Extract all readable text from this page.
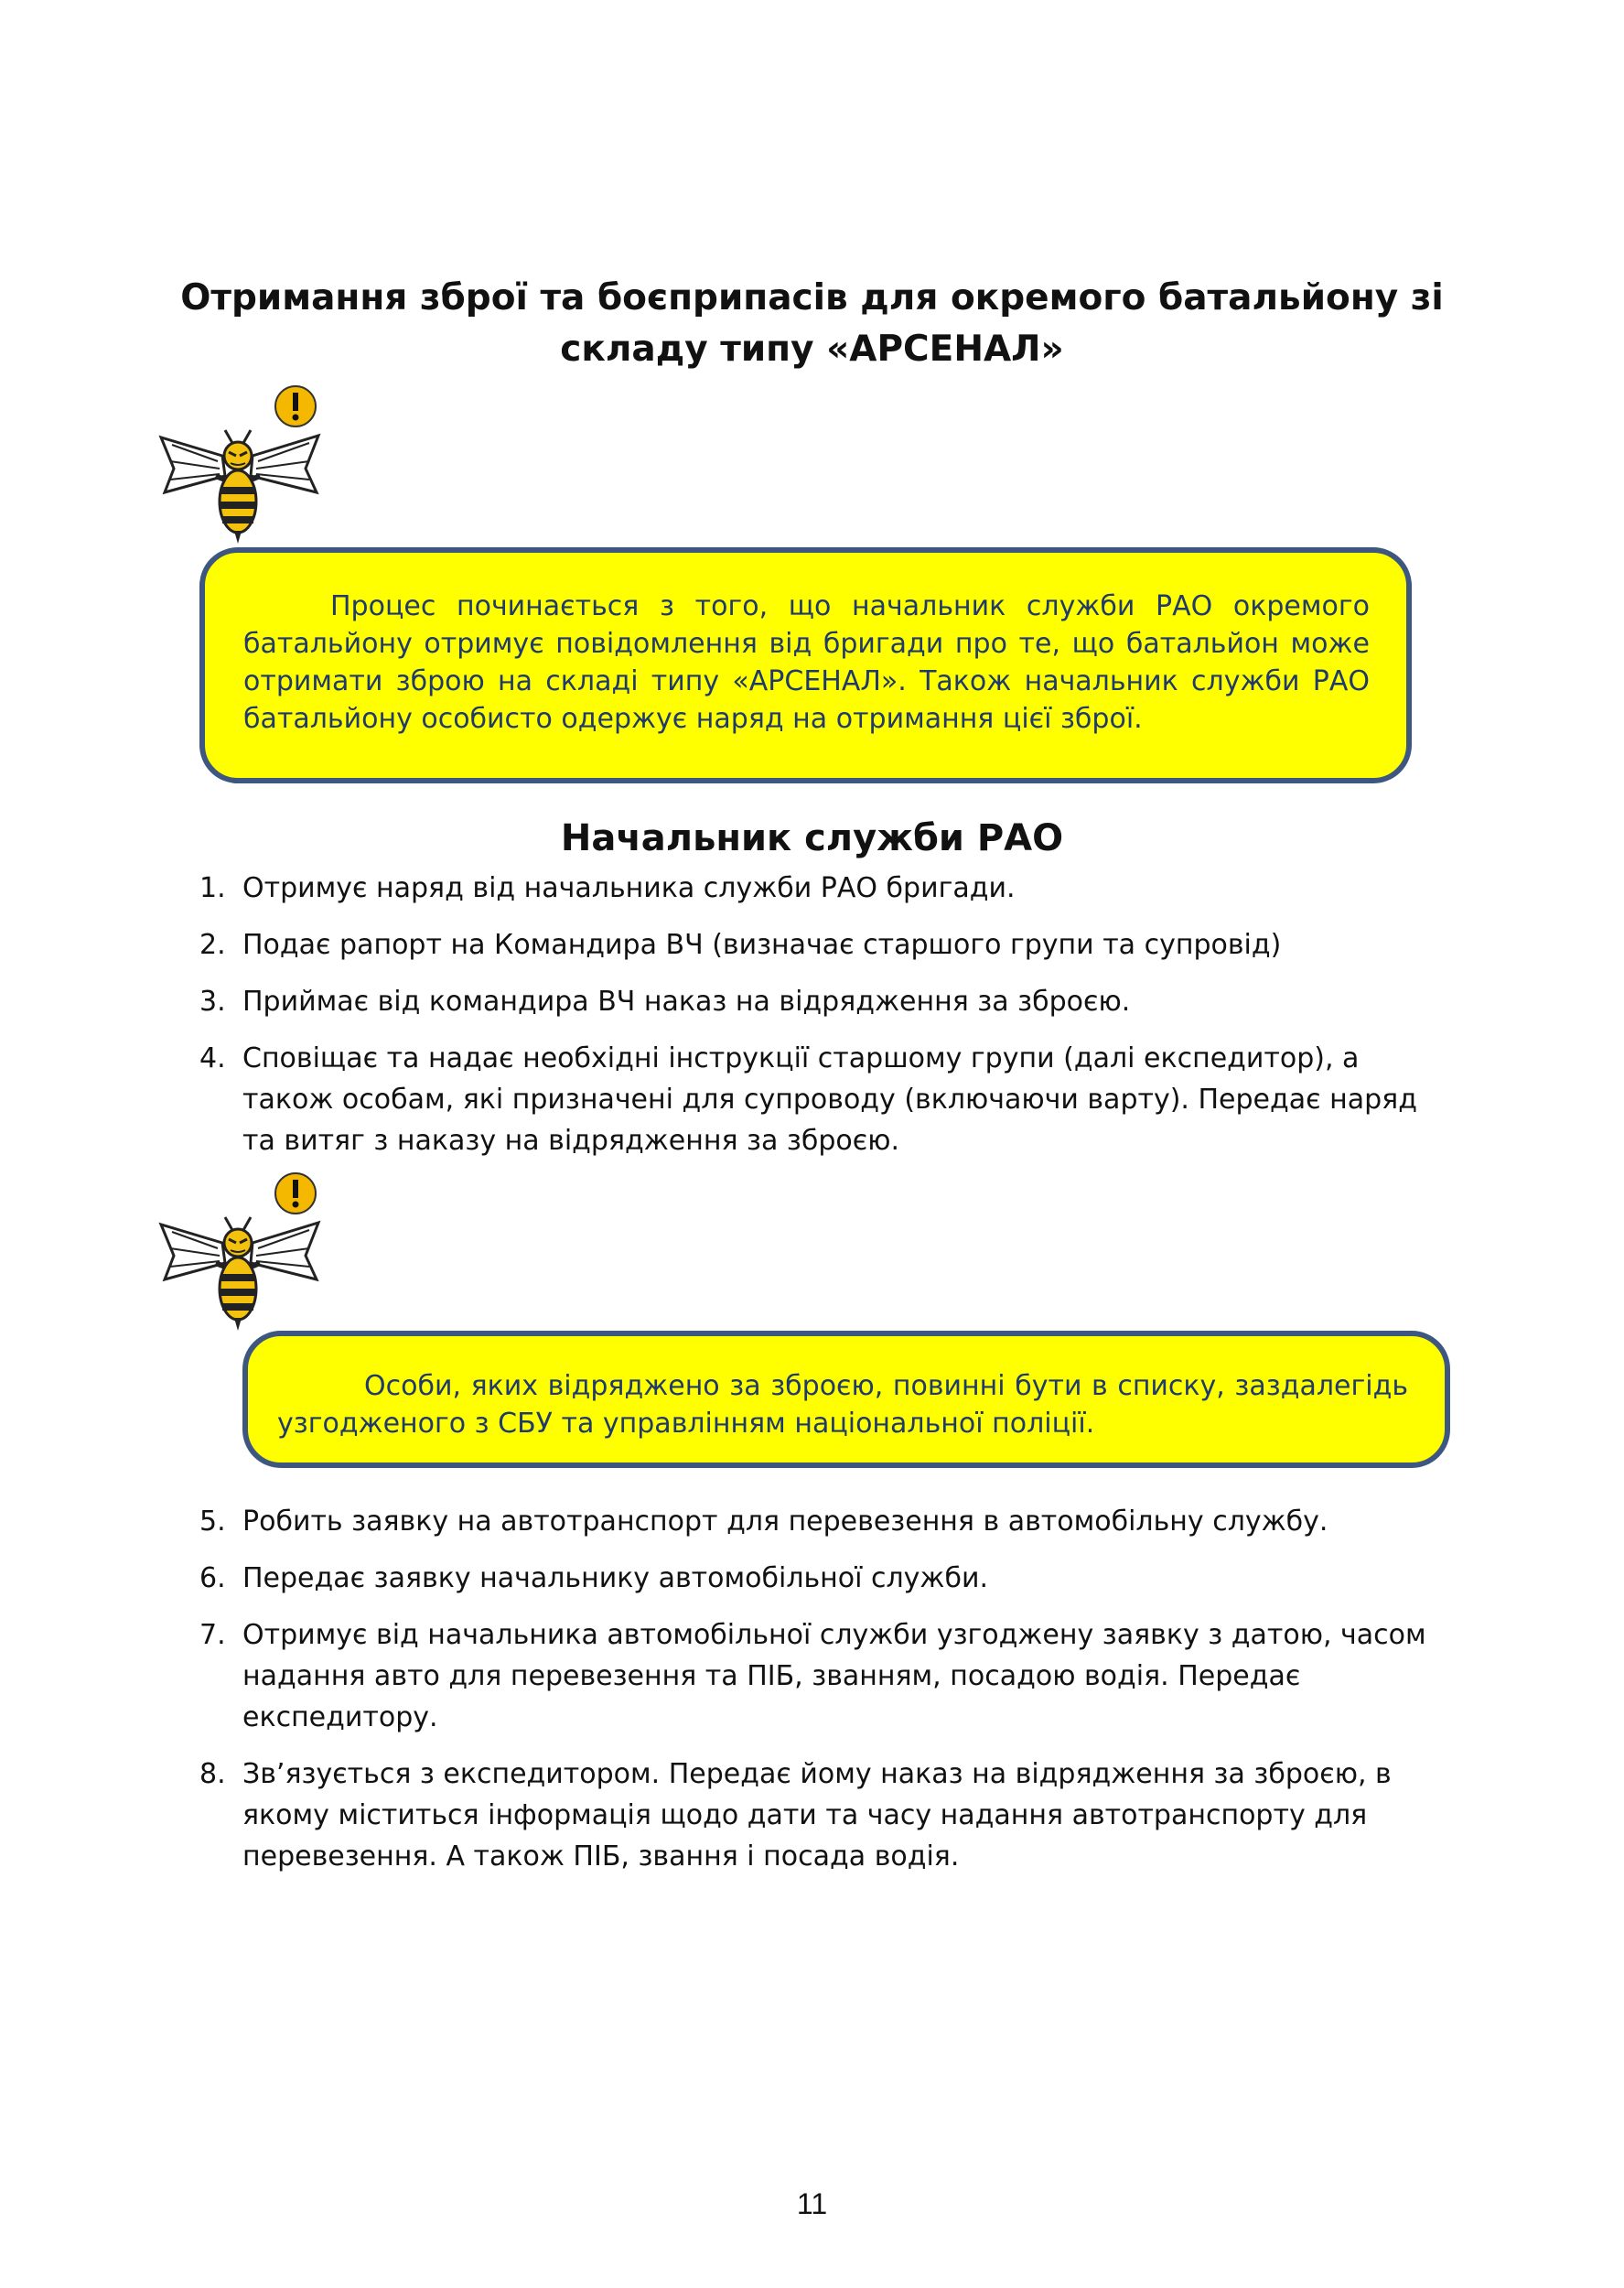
Отримання зброї та боєприпасів для окремого батальйону зі
складу типу «АРСЕНАЛ»

Процес починається з того, що начальник служби РАО окремого батальйону отримує повідомлення від бригади про те, що батальйон може отримати зброю на складі типу «АРСЕНАЛ». Також начальник служби РАО батальйону особисто одержує наряд на отримання цієї зброї.

Начальник служби РАО
1. Отримує наряд від начальника служби РАО бригади.
2. Подає рапорт на Командира ВЧ (визначає старшого групи та супровід)
3. Приймає від командира ВЧ наказ на відрядження за зброєю.
4. Сповіщає та надає необхідні інструкції старшому групи (далі експедитор), а також особам, які призначені для супроводу (включаючи варту). Передає наряд та витяг з наказу на відрядження за зброєю.

Особи, яких відряджено за зброєю, повинні бути в списку, заздалегідь узгодженого з СБУ та управлінням національної поліції.

5. Робить заявку на автотранспорт для перевезення в автомобільну службу.
6. Передає заявку начальнику автомобільної служби.
7. Отримує від начальника автомобільної служби узгоджену заявку з датою, часом надання авто для перевезення та ПІБ, званням, посадою водія. Передає експедитору.
8. Зв’язується з експедитором. Передає йому наказ на відрядження за зброєю, в якому міститься інформація щодо дати та часу надання автотранспорту для перевезення. А також ПІБ, звання і посада водія.
11
